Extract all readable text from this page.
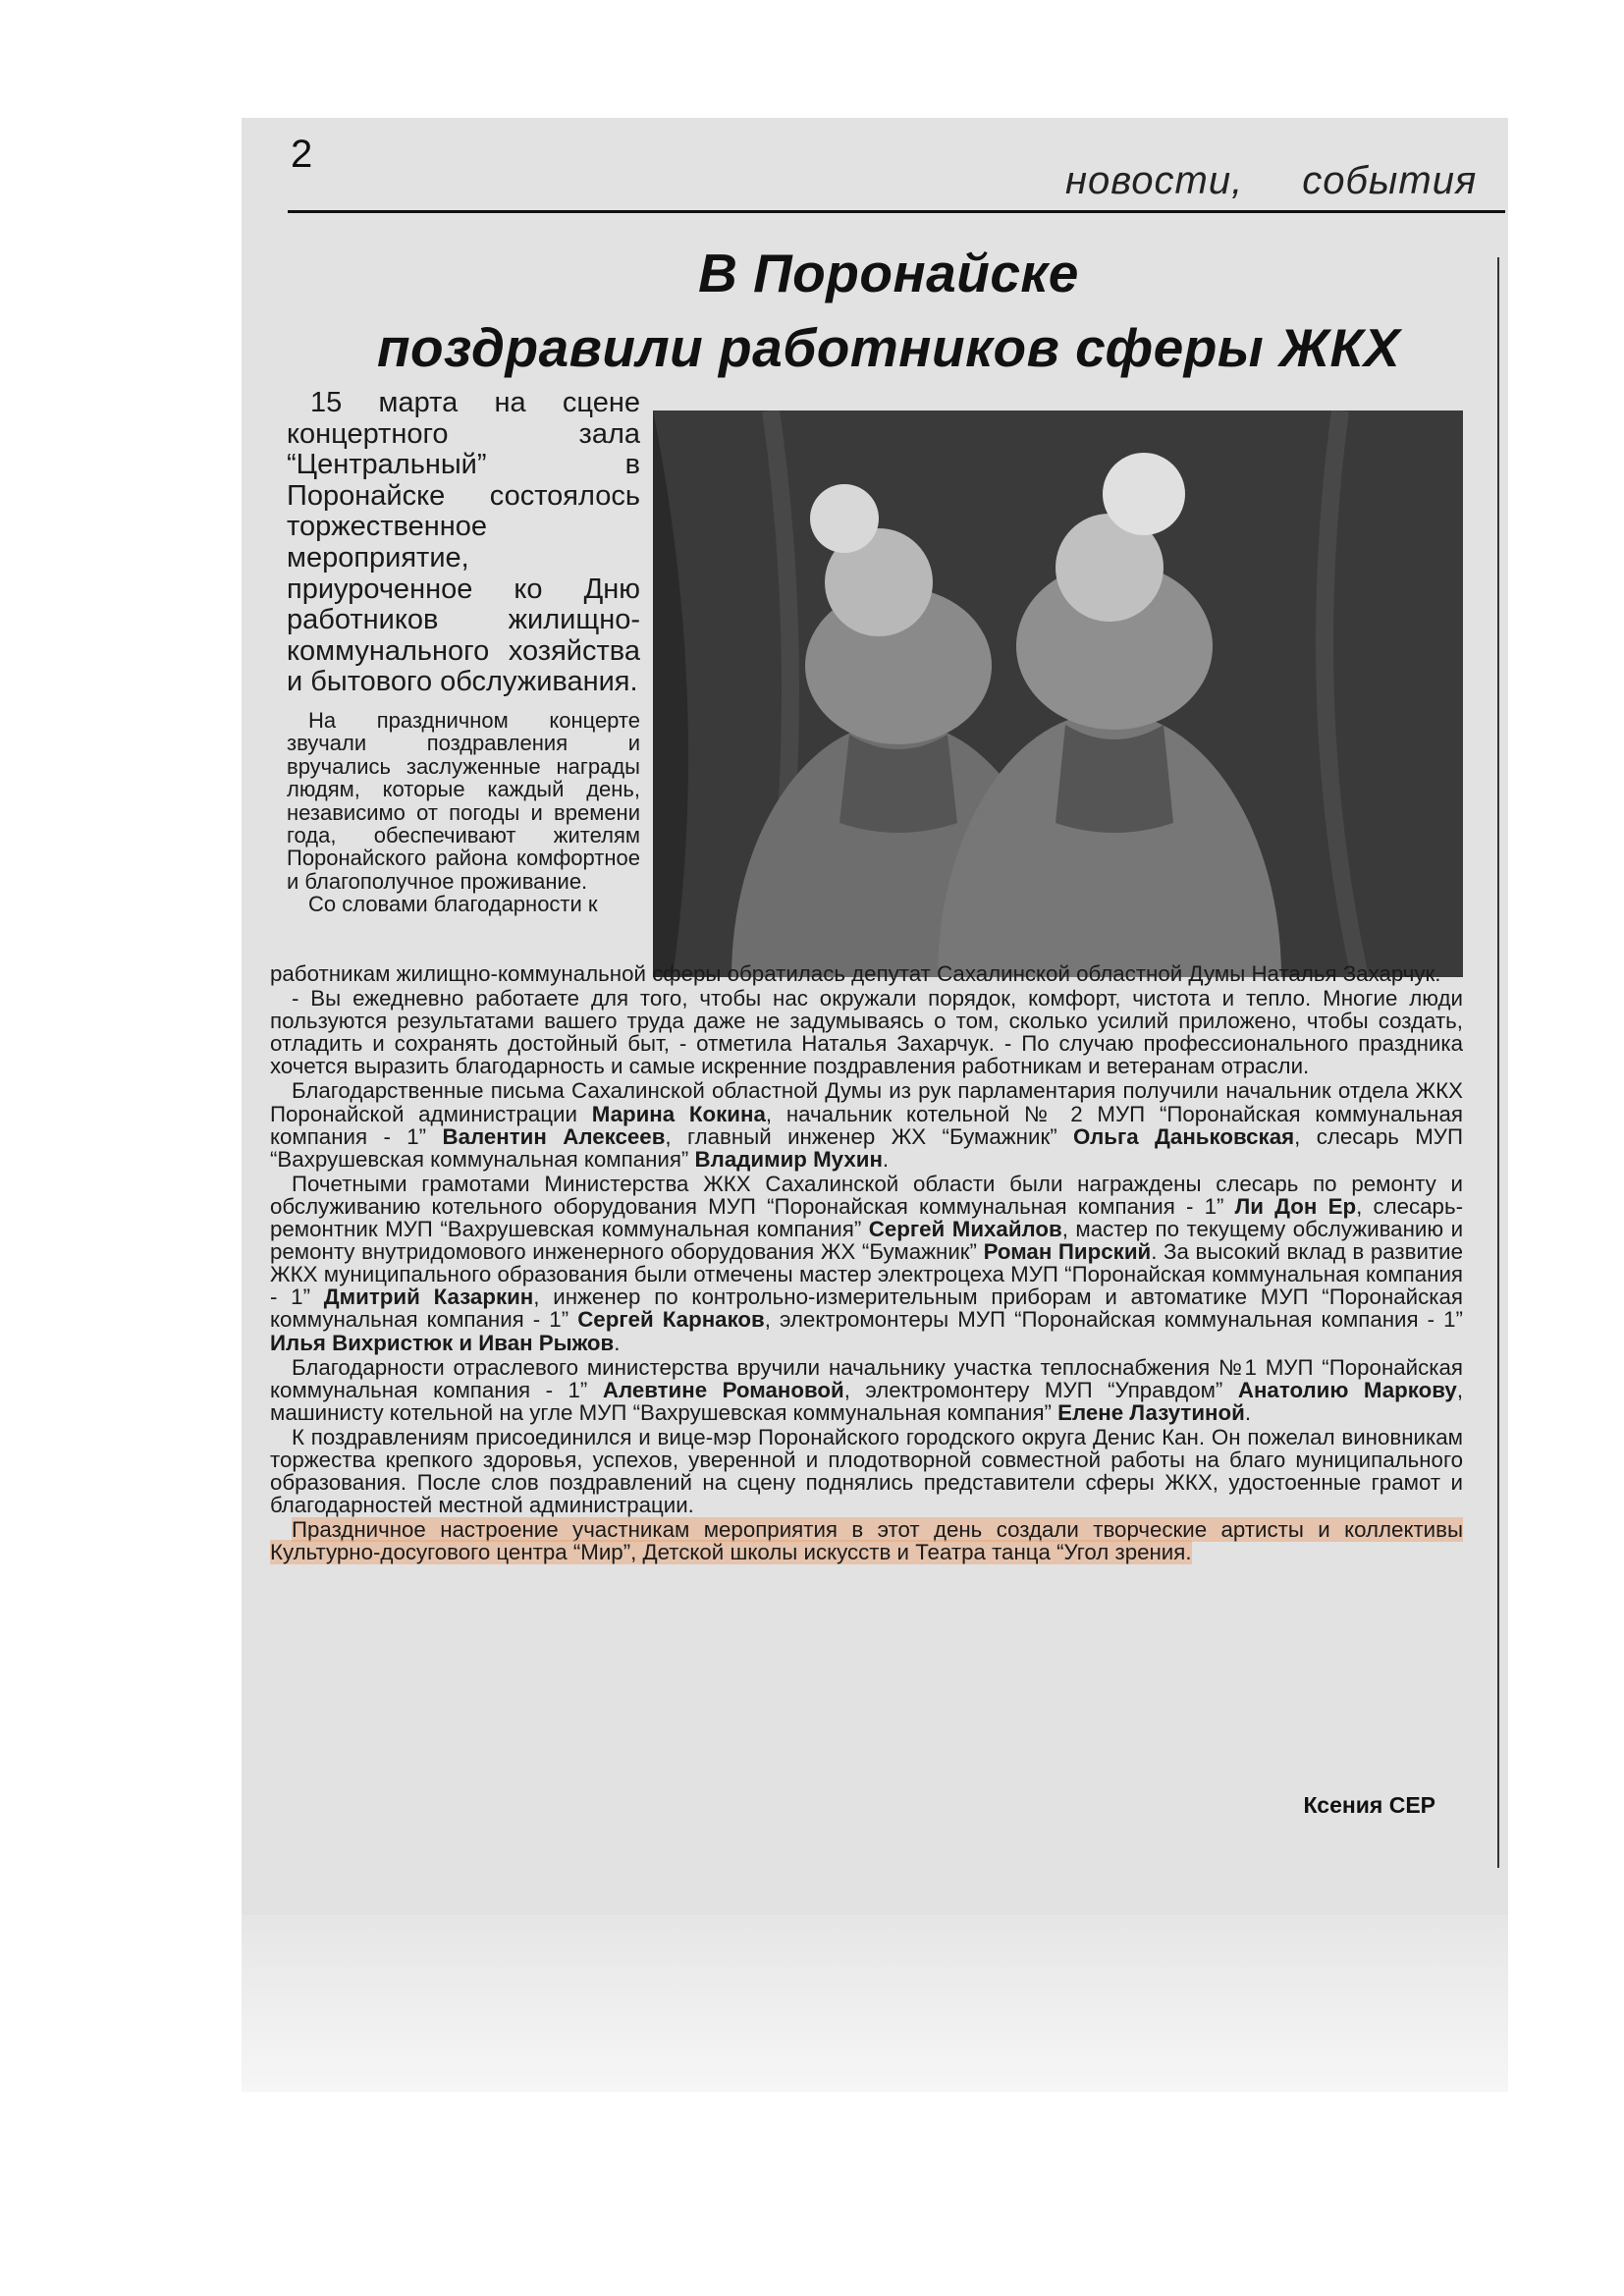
2
новости, события
В Поронайске
поздравили работников сферы ЖКХ

15 марта на сцене концертного зала “Центральный” в Поронайске состоялось торжественное мероприятие, приуроченное ко Дню работников жилищно-коммунального хозяйства и бытового обслуживания.

На праздничном концерте звучали поздравления и вручались заслуженные награды людям, которые каждый день, независимо от погоды и времени года, обеспечивают жителям Поронайского района комфортное и благополучное проживание.

Со словами благодарности к

работникам жилищно-коммунальной сферы обратилась депутат Сахалинской областной Думы Наталья Захарчук.

- Вы ежедневно работаете для того, чтобы нас окружали порядок, комфорт, чистота и тепло. Многие люди пользуются результатами вашего труда даже не задумываясь о том, сколько усилий приложено, чтобы создать, отладить и сохранять достойный быт, - отметила Наталья Захарчук. - По случаю профессионального праздника хочется выразить благодарность и самые искренние поздравления работникам и ветеранам отрасли.

Благодарственные письма Сахалинской областной Думы из рук парламентария получили начальник отдела ЖКХ Поронайской администрации Марина Кокина, начальник котельной № 2 МУП “Поронайская коммунальная компания - 1” Валентин Алексеев, главный инженер ЖХ “Бумажник” Ольга Даньковская, слесарь МУП “Вахрушевская коммунальная компания” Владимир Мухин.

Почетными грамотами Министерства ЖКХ Сахалинской области были награждены слесарь по ремонту и обслуживанию котельного оборудования МУП “Поронайская коммунальная компания - 1” Ли Дон Ер, слесарь-ремонтник МУП “Вахрушевская коммунальная компания” Сергей Михайлов, мастер по текущему обслуживанию и ремонту внутридомового инженерного оборудования ЖХ “Бумажник” Роман Пирский. За высокий вклад в развитие ЖКХ муниципального образования были отмечены мастер электроцеха МУП “Поронайская коммунальная компания - 1” Дмитрий Казаркин, инженер по контрольно-измерительным приборам и автоматике МУП “Поронайская коммунальная компания - 1” Сергей Карнаков, электромонтеры МУП “Поронайская коммунальная компания - 1” Илья Вихристюк и Иван Рыжов.

Благодарности отраслевого министерства вручили начальнику участка теплоснабжения №1 МУП “Поронайская коммунальная компания - 1” Алевтине Романовой, электромонтеру МУП “Управдом” Анатолию Маркову, машинисту котельной на угле МУП “Вахрушевская коммунальная компания” Елене Лазутиной.

К поздравлениям присоединился и вице-мэр Поронайского городского округа Денис Кан. Он пожелал виновникам торжества крепкого здоровья, успехов, уверенной и плодотворной совместной работы на благо муниципального образования. После слов поздравлений на сцену поднялись представители сферы ЖКХ, удостоенные грамот и благодарностей местной администрации.

Праздничное настроение участникам мероприятия в этот день создали творческие артисты и коллективы Культурно-досугового центра “Мир”, Детской школы искусств и Театра танца “Угол зрения.

Ксения СЕР
